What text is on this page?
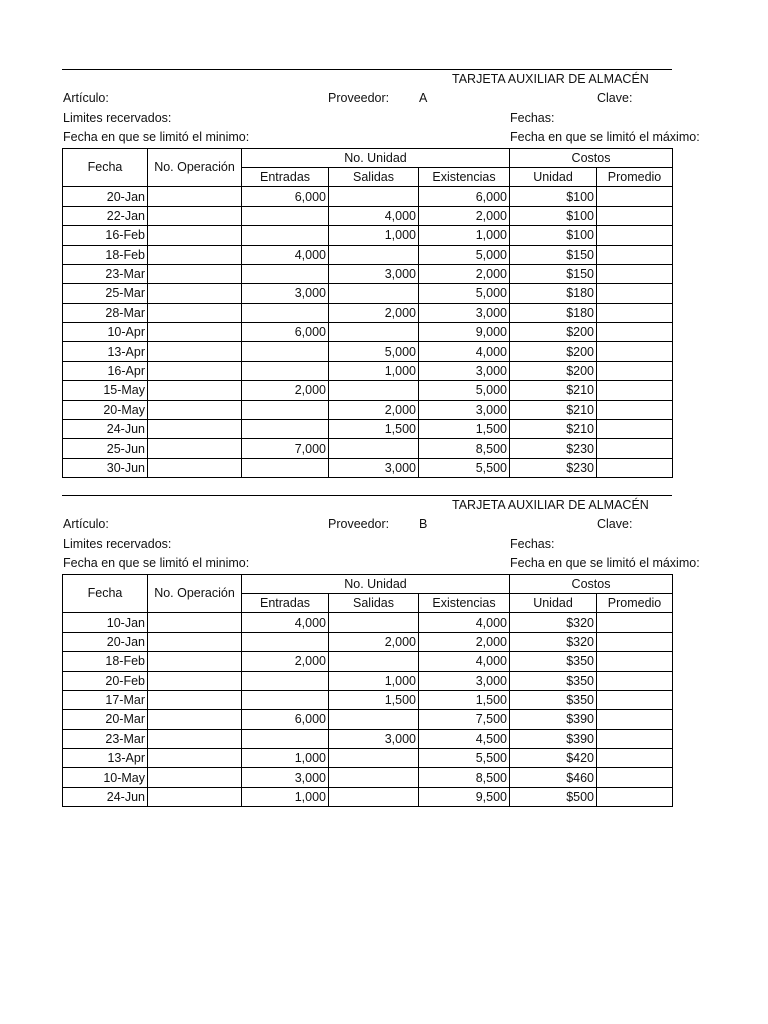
TARJETA AUXILIAR DE ALMACÉN
Artículo:	Proveedor: A	Clave:
Limites recervados:	Fechas:
Fecha en que se limitó el minimo:	Fecha en que se limitó el máximo:
Fecha	No. Operación	No. Unidad			Costos	
		Entradas	Salidas	Existencias	Unidad	Promedio
20-Jan		6,000		6,000	$100	
22-Jan			4,000	2,000	$100	
16-Feb			1,000	1,000	$100	
18-Feb		4,000		5,000	$150	
23-Mar			3,000	2,000	$150	
25-Mar		3,000		5,000	$180	
28-Mar			2,000	3,000	$180	
10-Apr		6,000		9,000	$200	
13-Apr			5,000	4,000	$200	
16-Apr			1,000	3,000	$200	
15-May		2,000		5,000	$210	
20-May			2,000	3,000	$210	
24-Jun			1,500	1,500	$210	
25-Jun		7,000		8,500	$230	
30-Jun			3,000	5,500	$230	
TARJETA AUXILIAR DE ALMACÉN
Artículo:	Proveedor: B	Clave:
Limites recervados:	Fechas:
Fecha en que se limitó el minimo:	Fecha en que se limitó el máximo:
Fecha	No. Operación	No. Unidad			Costos	
		Entradas	Salidas	Existencias	Unidad	Promedio
10-Jan		4,000		4,000	$320	
20-Jan			2,000	2,000	$320	
18-Feb		2,000		4,000	$350	
20-Feb			1,000	3,000	$350	
17-Mar			1,500	1,500	$350	
20-Mar		6,000		7,500	$390	
23-Mar			3,000	4,500	$390	
13-Apr		1,000		5,500	$420	
10-May		3,000		8,500	$460	
24-Jun		1,000		9,500	$500	
